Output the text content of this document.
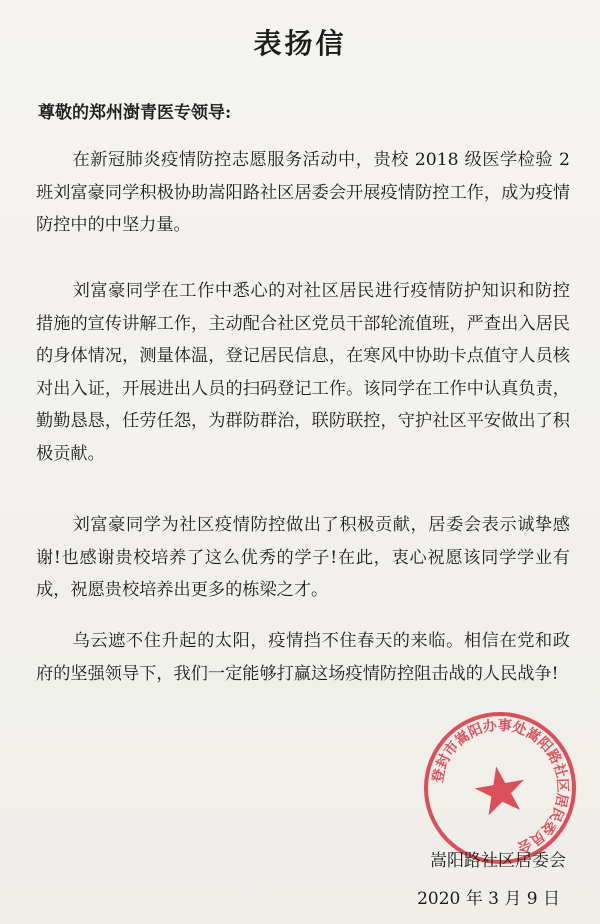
表扬信
尊敬的郑州澍青医专领导:
在新冠肺炎疫情防控志愿服务活动中，贵校 2018 级医学检验 2 班刘富豪同学积极协助嵩阳路社区居委会开展疫情防控工作，成为疫情防控中的中坚力量。
刘富豪同学在工作中悉心的对社区居民进行疫情防护知识和防控措施的宣传讲解工作，主动配合社区党员干部轮流值班，严查出入居民的身体情况，测量体温，登记居民信息，在寒风中协助卡点值守人员核对出入证，开展进出人员的扫码登记工作。该同学在工作中认真负责，勤勤恳恳，任劳任怨，为群防群治，联防联控，守护社区平安做出了积极贡献。
刘富豪同学为社区疫情防控做出了积极贡献，居委会表示诚挚感谢!也感谢贵校培养了这么优秀的学子!在此，衷心祝愿该同学学业有成，祝愿贵校培养出更多的栋梁之才。
乌云遮不住升起的太阳，疫情挡不住春天的来临。相信在党和政府的坚强领导下，我们一定能够打赢这场疫情防控阻击战的人民战争!
登封市嵩阳办事处嵩阳路社区居民委员会
嵩阳路社区居委会
2020 年 3 月 9 日
